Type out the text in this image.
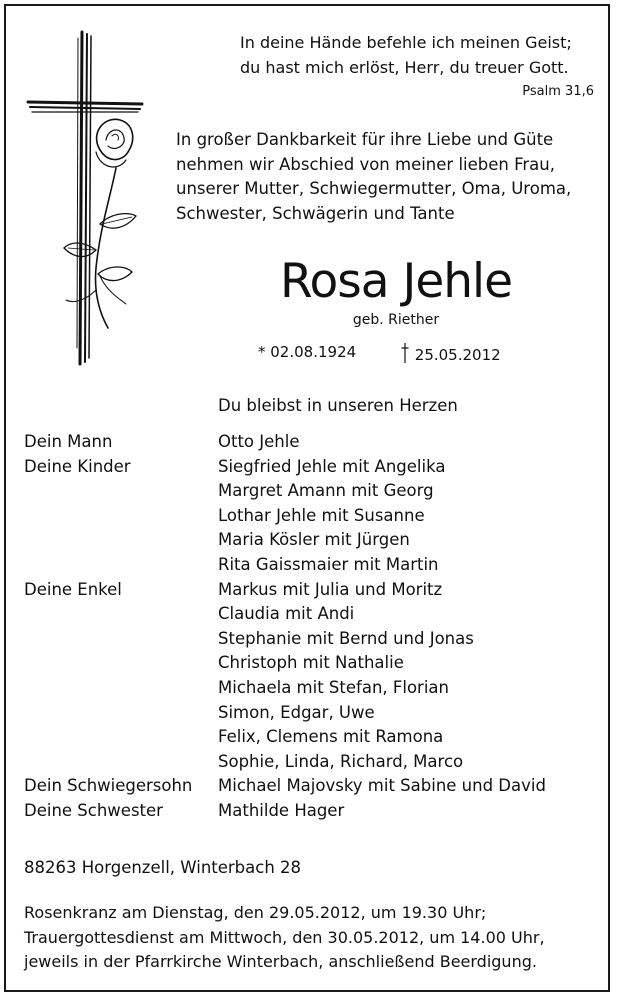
In deine Hände befehle ich meinen Geist;
du hast mich erlöst, Herr, du treuer Gott.
Psalm 31,6
In großer Dankbarkeit für ihre Liebe und Güte
nehmen wir Abschied von meiner lieben Frau,
unserer Mutter, Schwiegermutter, Oma, Uroma,
Schwester, Schwägerin und Tante
Rosa Jehle
geb. Riether
* 02.08.1924	25.05.2012
Du bleibst in unseren Herzen
Dein Mann	Otto Jehle
Deine Kinder	Siegfried Jehle mit Angelika
Margret Amann mit Georg
Lothar Jehle mit Susanne
Maria Kösler mit Jürgen
Rita Gaissmaier mit Martin
Deine Enkel	Markus mit Julia und Moritz
Claudia mit Andi
Stephanie mit Bernd und Jonas
Christoph mit Nathalie
Michaela mit Stefan, Florian
Simon, Edgar, Uwe
Felix, Clemens mit Ramona
Sophie, Linda, Richard, Marco
Dein Schwiegersohn Michael Majovsky mit Sabine und David
Deine Schwester	Mathilde Hager
88263 Horgenzell, Winterbach 28
Rosenkranz am Dienstag, den 29.05.2012, um 19.30 Uhr;
Trauergottesdienst am Mittwoch, den 30.05.2012, um 14.00 Uhr,
jeweils in der Pfarrkirche Winterbach, anschließend Beerdigung.
